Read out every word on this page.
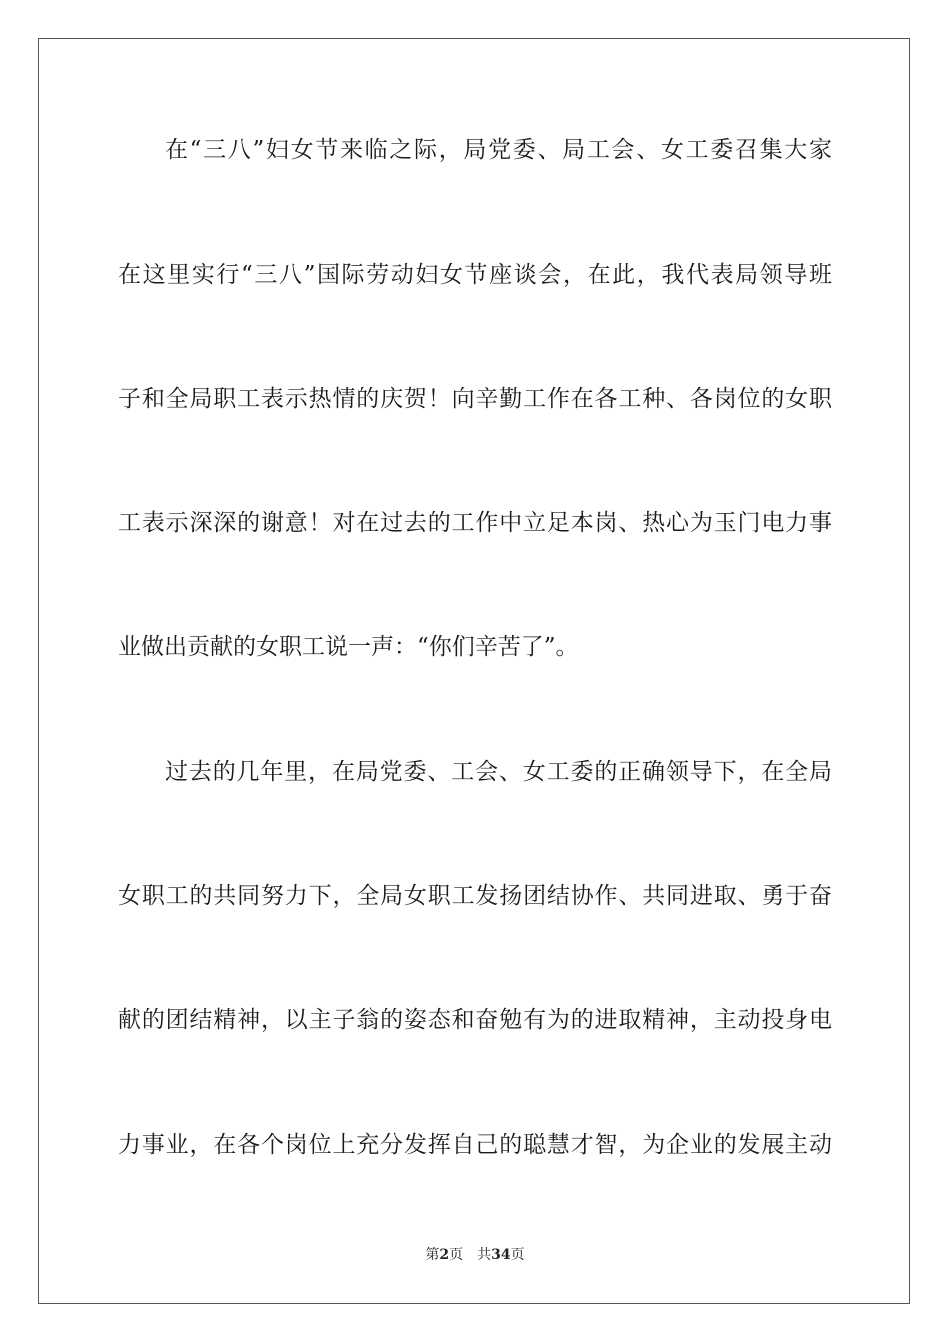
在“三八”妇女节来临之际，局党委、局工会、女工委召集大家
在这里实行“三八”国际劳动妇女节座谈会，在此，我代表局领导班
子和全局职工表示热情的庆贺！向辛勤工作在各工种、各岗位的女职
工表示深深的谢意！对在过去的工作中立足本岗、热心为玉门电力事
业做出贡献的女职工说一声：“你们辛苦了”。
过去的几年里，在局党委、工会、女工委的正确领导下，在全局
女职工的共同努力下，全局女职工发扬团结协作、共同进取、勇于奋
献的团结精神，以主子翁的姿态和奋勉有为的进取精神，主动投身电
力事业，在各个岗位上充分发挥自己的聪慧才智，为企业的发展主动
第2页 共34页
